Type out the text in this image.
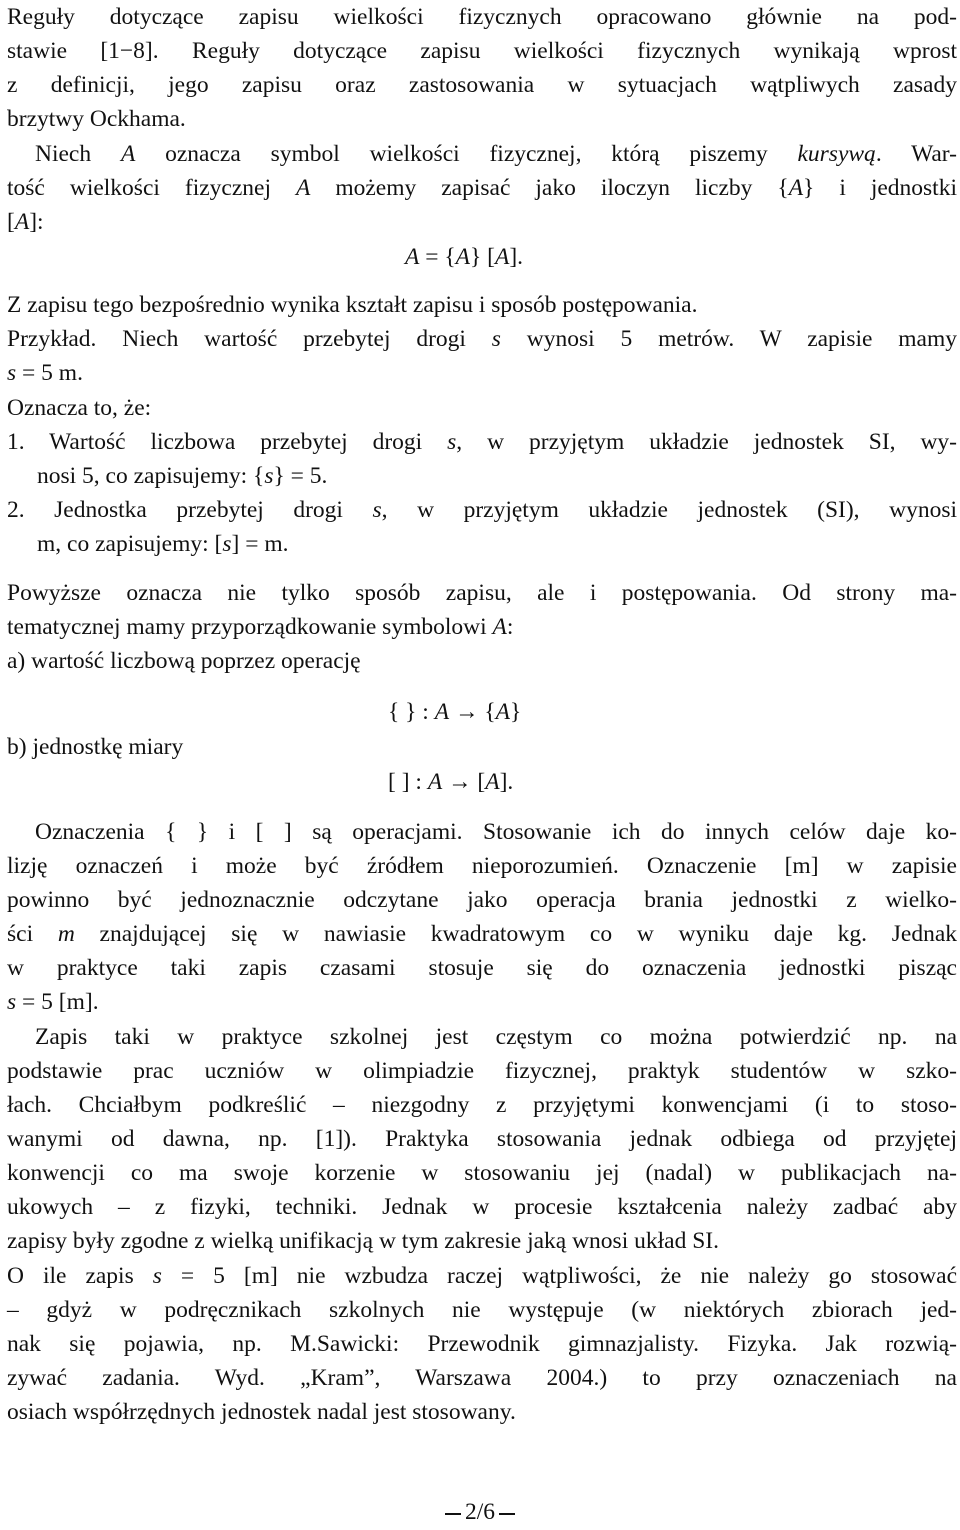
Reguły dotyczące zapisu wielkości fizycznych opracowano głównie na pod-
stawie [1−8]. Reguły dotyczące zapisu wielkości fizycznych wynikają wprost
z definicji, jego zapisu oraz zastosowania w sytuacjach wątpliwych zasady
brzytwy Ockhama.
Niech A oznacza symbol wielkości fizycznej, którą piszemy kursywą. War-
tość wielkości fizycznej A możemy zapisać jako iloczyn liczby {A} i jednostki
[A]:
A = {A} [A].
Z zapisu tego bezpośrednio wynika kształt zapisu i sposób postępowania.
Przykład. Niech wartość przebytej drogi s wynosi 5 metrów. W zapisie mamy
s = 5 m.
Oznacza to, że:
1. Wartość liczbowa przebytej drogi s, w przyjętym układzie jednostek SI, wy-
nosi 5, co zapisujemy: {s} = 5.
2. Jednostka przebytej drogi s, w przyjętym układzie jednostek (SI), wynosi
m, co zapisujemy: [s] = m.
Powyższe oznacza nie tylko sposób zapisu, ale i postępowania. Od strony ma-
tematycznej mamy przyporządkowanie symbolowi A:
a) wartość liczbową poprzez operację
{ } : A → {A}
b) jednostkę miary
[ ] : A → [A].
Oznaczenia { } i [ ] są operacjami. Stosowanie ich do innych celów daje ko-
lizję oznaczeń i może być źródłem nieporozumień. Oznaczenie [m] w zapisie
powinno być jednoznacznie odczytane jako operacja brania jednostki z wielko-
ści m znajdującej się w nawiasie kwadratowym co w wyniku daje kg. Jednak
w praktyce taki zapis czasami stosuje się do oznaczenia jednostki pisząc
s = 5 [m].
Zapis taki w praktyce szkolnej jest częstym co można potwierdzić np. na
podstawie prac uczniów w olimpiadzie fizycznej, praktyk studentów w szko-
łach. Chciałbym podkreślić – niezgodny z przyjętymi konwencjami (i to stoso-
wanymi od dawna, np. [1]). Praktyka stosowania jednak odbiega od przyjętej
konwencji co ma swoje korzenie w stosowaniu jej (nadal) w publikacjach na-
ukowych – z fizyki, techniki. Jednak w procesie kształcenia należy zadbać aby
zapisy były zgodne z wielką unifikacją w tym zakresie jaką wnosi układ SI.
O ile zapis s = 5 [m] nie wzbudza raczej wątpliwości, że nie należy go stosować
– gdyż w podręcznikach szkolnych nie występuje (w niektórych zbiorach jed-
nak się pojawia, np. M.Sawicki: Przewodnik gimnazjalisty. Fizyka. Jak rozwią-
zywać zadania. Wyd. „Kram”, Warszawa 2004.) to przy oznaczeniach na
osiach współrzędnych jednostek nadal jest stosowany.
2/6
